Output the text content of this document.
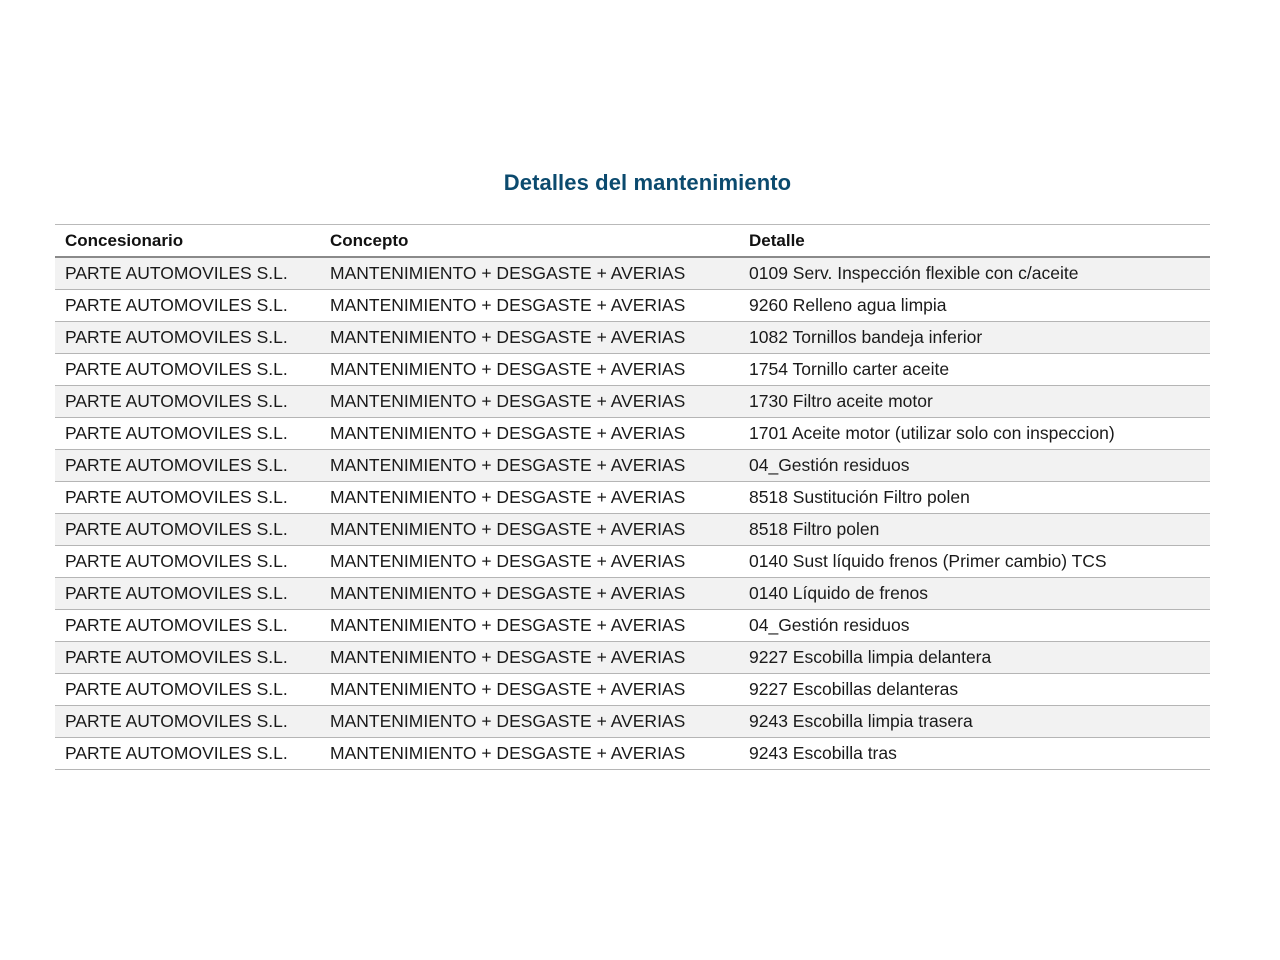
Detalles del mantenimiento
Concesionario	Concepto	Detalle
PARTE AUTOMOVILES S.L.	MANTENIMIENTO + DESGASTE + AVERIAS	0109 Serv. Inspección flexible con c/aceite
PARTE AUTOMOVILES S.L.	MANTENIMIENTO + DESGASTE + AVERIAS	9260 Relleno agua limpia
PARTE AUTOMOVILES S.L.	MANTENIMIENTO + DESGASTE + AVERIAS	1082 Tornillos bandeja inferior
PARTE AUTOMOVILES S.L.	MANTENIMIENTO + DESGASTE + AVERIAS	1754 Tornillo carter aceite
PARTE AUTOMOVILES S.L.	MANTENIMIENTO + DESGASTE + AVERIAS	1730 Filtro aceite motor
PARTE AUTOMOVILES S.L.	MANTENIMIENTO + DESGASTE + AVERIAS	1701 Aceite motor (utilizar solo con inspeccion)
PARTE AUTOMOVILES S.L.	MANTENIMIENTO + DESGASTE + AVERIAS	04_Gestión residuos
PARTE AUTOMOVILES S.L.	MANTENIMIENTO + DESGASTE + AVERIAS	8518 Sustitución Filtro polen
PARTE AUTOMOVILES S.L.	MANTENIMIENTO + DESGASTE + AVERIAS	8518 Filtro polen
PARTE AUTOMOVILES S.L.	MANTENIMIENTO + DESGASTE + AVERIAS	0140 Sust líquido frenos (Primer cambio) TCS
PARTE AUTOMOVILES S.L.	MANTENIMIENTO + DESGASTE + AVERIAS	0140 Líquido de frenos
PARTE AUTOMOVILES S.L.	MANTENIMIENTO + DESGASTE + AVERIAS	04_Gestión residuos
PARTE AUTOMOVILES S.L.	MANTENIMIENTO + DESGASTE + AVERIAS	9227 Escobilla limpia delantera
PARTE AUTOMOVILES S.L.	MANTENIMIENTO + DESGASTE + AVERIAS	9227 Escobillas delanteras
PARTE AUTOMOVILES S.L.	MANTENIMIENTO + DESGASTE + AVERIAS	9243 Escobilla limpia trasera
PARTE AUTOMOVILES S.L.	MANTENIMIENTO + DESGASTE + AVERIAS	9243 Escobilla tras
